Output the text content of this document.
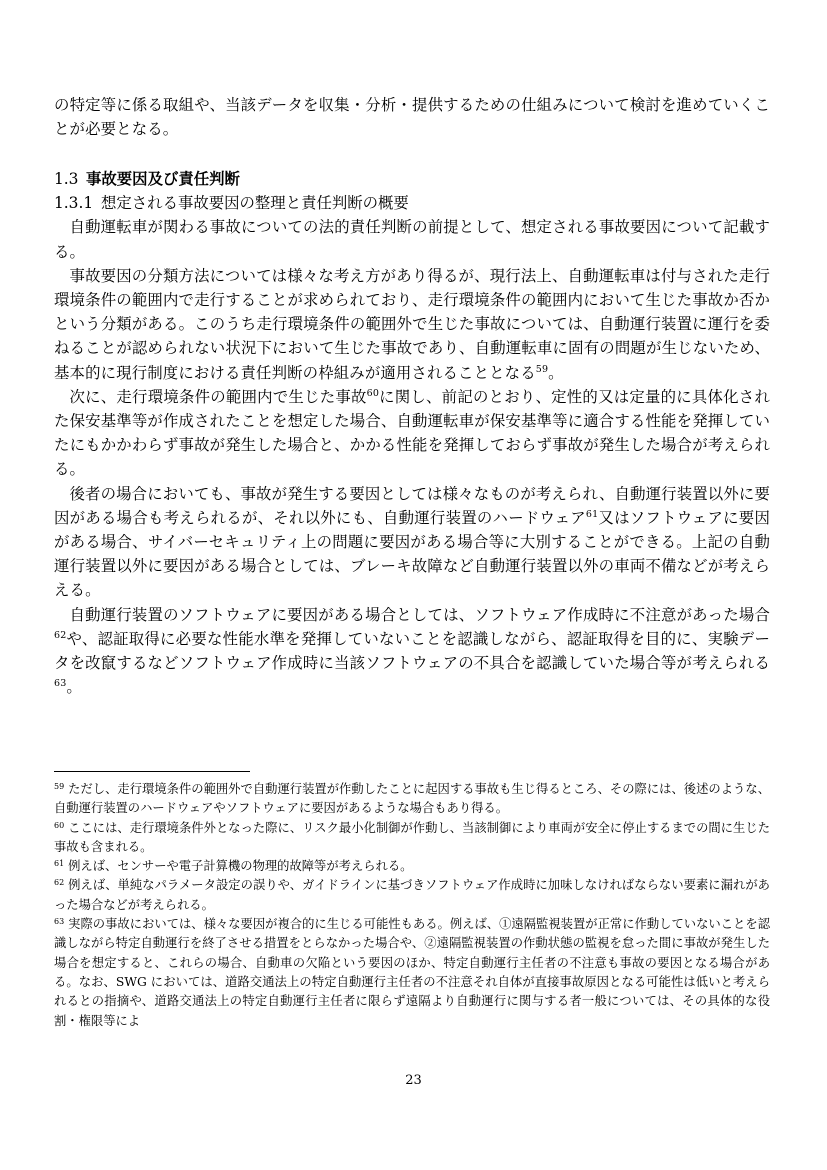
の特定等に係る取組や、当該データを収集・分析・提供するための仕組みについて検討を進めていくことが必要となる。

1.3 事故要因及び責任判断
1.3.1 想定される事故要因の整理と責任判断の概要

自動運転車が関わる事故についての法的責任判断の前提として、想定される事故要因について記載する。

事故要因の分類方法については様々な考え方があり得るが、現行法上、自動運転車は付与された走行環境条件の範囲内で走行することが求められており、走行環境条件の範囲内において生じた事故か否かという分類がある。このうち走行環境条件の範囲外で生じた事故については、自動運行装置に運行を委ねることが認められない状況下において生じた事故であり、自動運転車に固有の問題が生じないため、基本的に現行制度における責任判断の枠組みが適用されることとなる$^{59}$。

次に、走行環境条件の範囲内で生じた事故$^{60}$に関し、前記のとおり、定性的又は定量的に具体化された保安基準等が作成されたことを想定した場合、自動運転車が保安基準等に適合する性能を発揮していたにもかかわらず事故が発生した場合と、かかる性能を発揮しておらず事故が発生した場合が考えられる。

後者の場合においても、事故が発生する要因としては様々なものが考えられ、自動運行装置以外に要因がある場合も考えられるが、それ以外にも、自動運行装置のハードウェア$^{61}$又はソフトウェアに要因がある場合、サイバーセキュリティ上の問題に要因がある場合等に大別することができる。上記の自動運行装置以外に要因がある場合としては、ブレーキ故障など自動運行装置以外の車両不備などが考えらえる。

自動運行装置のソフトウェアに要因がある場合としては、ソフトウェア作成時に不注意があった場合$^{62}$や、認証取得に必要な性能水準を発揮していないことを認識しながら、認証取得を目的に、実験データを改竄するなどソフトウェア作成時に当該ソフトウェアの不具合を認識していた場合等が考えられる$^{63}$。

$^{59}$ ただし、走行環境条件の範囲外で自動運行装置が作動したことに起因する事故も生じ得るところ、その際には、後述のような、自動運行装置のハードウェアやソフトウェアに要因があるような場合もあり得る。

$^{60}$ ここには、走行環境条件外となった際に、リスク最小化制御が作動し、当該制御により車両が安全に停止するまでの間に生じた事故も含まれる。

$^{61}$ 例えば、センサーや電子計算機の物理的故障等が考えられる。

$^{62}$ 例えば、単純なパラメータ設定の誤りや、ガイドラインに基づきソフトウェア作成時に加味しなければならない要素に漏れがあった場合などが考えられる。

$^{63}$ 実際の事故においては、様々な要因が複合的に生じる可能性もある。例えば、①遠隔監視装置が正常に作動していないことを認識しながら特定自動運行を終了させる措置をとらなかった場合や、②遠隔監視装置の作動状態の監視を怠った間に事故が発生した場合を想定すると、これらの場合、自動車の欠陥という要因のほか、特定自動運行主任者の不注意も事故の要因となる場合がある。なお、SWG においては、道路交通法上の特定自動運行主任者の不注意それ自体が直接事故原因となる可能性は低いと考えられるとの指摘や、道路交通法上の特定自動運行主任者に限らず遠隔より自動運行に関与する者一般については、その具体的な役割・権限等によ

23
